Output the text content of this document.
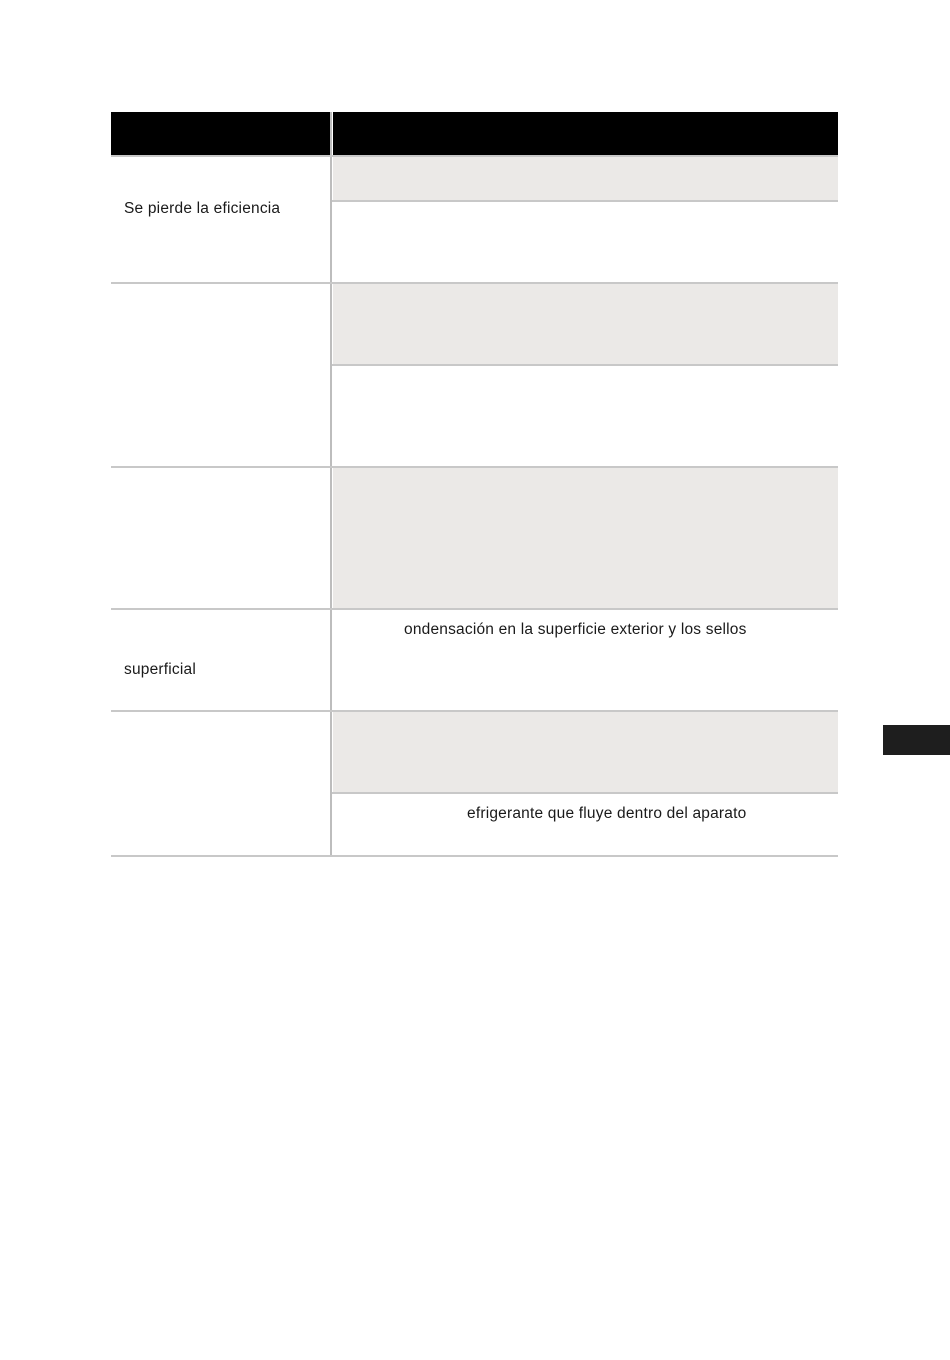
Se pierde la eficiencia
superficial
ondensación en la superficie exterior y los sellos
efrigerante que fluye dentro del aparato
